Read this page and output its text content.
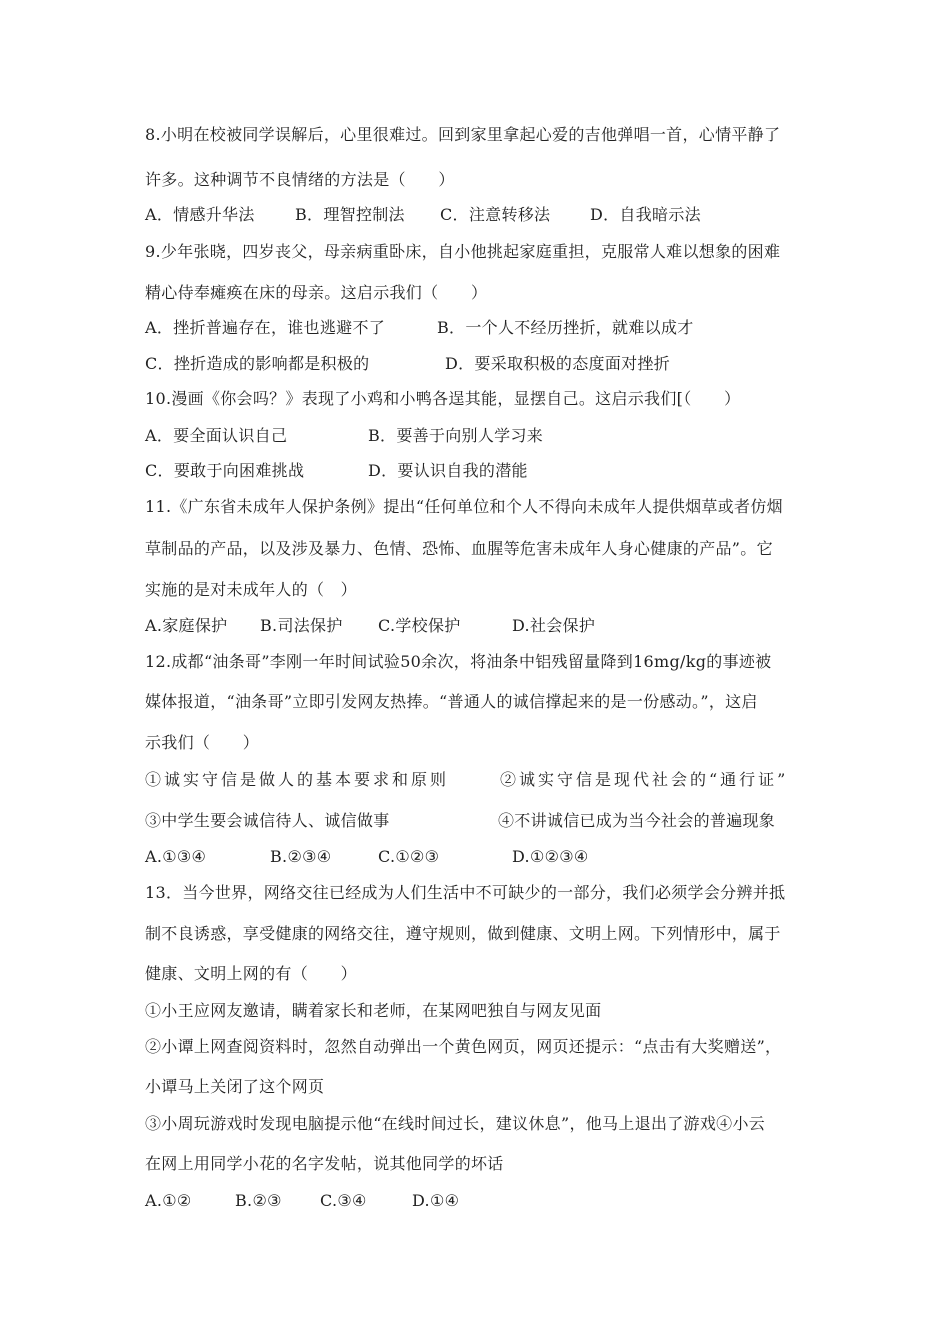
8.小明在校被同学误解后，心里很难过。回到家里拿起心爱的吉他弹唱一首，心情平静了
许多。这种调节不良情绪的方法是（　　）
A．情感升华法	B．理智控制法 C．注意转移法 D．自我暗示法
9.少年张晓，四岁丧父，母亲病重卧床，自小他挑起家庭重担，克服常人难以想象的困难
精心侍奉瘫痪在床的母亲。这启示我们（　　）
A．挫折普遍存在，谁也逃避不了	B．一个人不经历挫折，就难以成才
C．挫折造成的影响都是积极的	D．要采取积极的态度面对挫折
10.漫画《你会吗？》表现了小鸡和小鸭各逞其能，显摆自己。这启示我们[（　　）
A．要全面认识自己	B．要善于向别人学习来
C．要敢于向困难挑战	D．要认识自我的潜能
11.《广东省未成年人保护条例》提出“任何单位和个人不得向未成年人提供烟草或者仿烟
草制品的产品，以及涉及暴力、色情、恐怖、血腥等危害未成年人身心健康的产品”。它
实施的是对未成年人的（　）
A.家庭保护 B.司法保护 C.学校保护	D.社会保护
12.成都“油条哥”李刚一年时间试验50余次，将油条中铝残留量降到16mg/kg的事迹被
媒体报道，“油条哥”立即引发网友热捧。“普通人的诚信撑起来的是一份感动。”，这启
示我们（　　）
①诚实守信是做人的基本要求和原则	②诚实守信是现代社会的“通行证”
③中学生要会诚信待人、诚信做事	④不讲诚信已成为当今社会的普遍现象
A.①③④	B.②③④	C.①②③	D.①②③④
13．当今世界，网络交往已经成为人们生活中不可缺少的一部分，我们必须学会分辨并抵
制不良诱惑，享受健康的网络交往，遵守规则，做到健康、文明上网。下列情形中，属于
健康、文明上网的有（　　）
①小王应网友邀请，瞒着家长和老师，在某网吧独自与网友见面
②小谭上网查阅资料时，忽然自动弹出一个黄色网页，网页还提示：“点击有大奖赠送”，
小谭马上关闭了这个网页
③小周玩游戏时发现电脑提示他“在线时间过长，建议休息”，他马上退出了游戏④小云
在网上用同学小花的名字发帖，说其他同学的坏话
A.①②	B.②③ C.③④	D.①④
